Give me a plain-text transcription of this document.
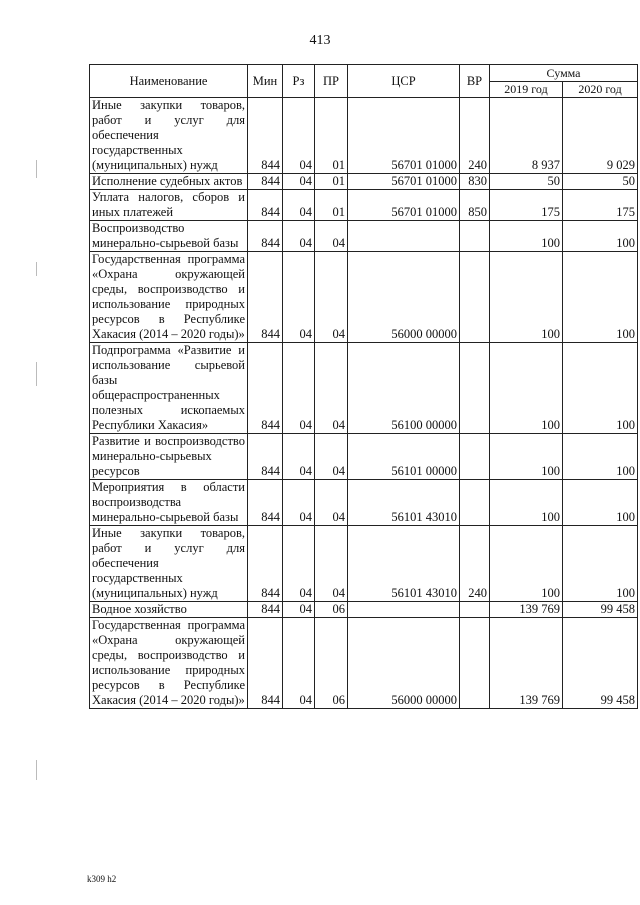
413
Наименование	Мин	Рз	ПР	ЦСР	ВР	Сумма	
						2019 год	2020 год
Иные закупки товаров, работ и услуг для обеспечения государственных (муниципальных) нужд	844	04	01	56701 01000	240	8 937	9 029
Исполнение судебных актов	844	04	01	56701 01000	830	50	50
Уплата налогов, сборов и иных платежей	844	04	01	56701 01000	850	175	175
Воспроизводство минерально-сырьевой базы	844	04	04			100	100
Государственная программа «Охрана окружающей среды, воспроизводство и использование природных ресурсов в Республике Хакасия (2014 – 2020 годы)»	844	04	04	56000 00000		100	100
Подпрограмма «Развитие и использование сырьевой базы общераспространенных полезных ископаемых Республики Хакасия»	844	04	04	56100 00000		100	100
Развитие и воспроизводство минерально-сырьевых ресурсов	844	04	04	56101 00000		100	100
Мероприятия в области воспроизводства минерально-сырьевой базы	844	04	04	56101 43010		100	100
Иные закупки товаров, работ и услуг для обеспечения государственных (муниципальных) нужд	844	04	04	56101 43010	240	100	100
Водное хозяйство	844	04	06			139 769	99 458
Государственная программа «Охрана окружающей среды, воспроизводство и использование природных ресурсов в Республике Хакасия (2014 – 2020 годы)»	844	04	06	56000 00000		139 769	99 458
k309 h2
